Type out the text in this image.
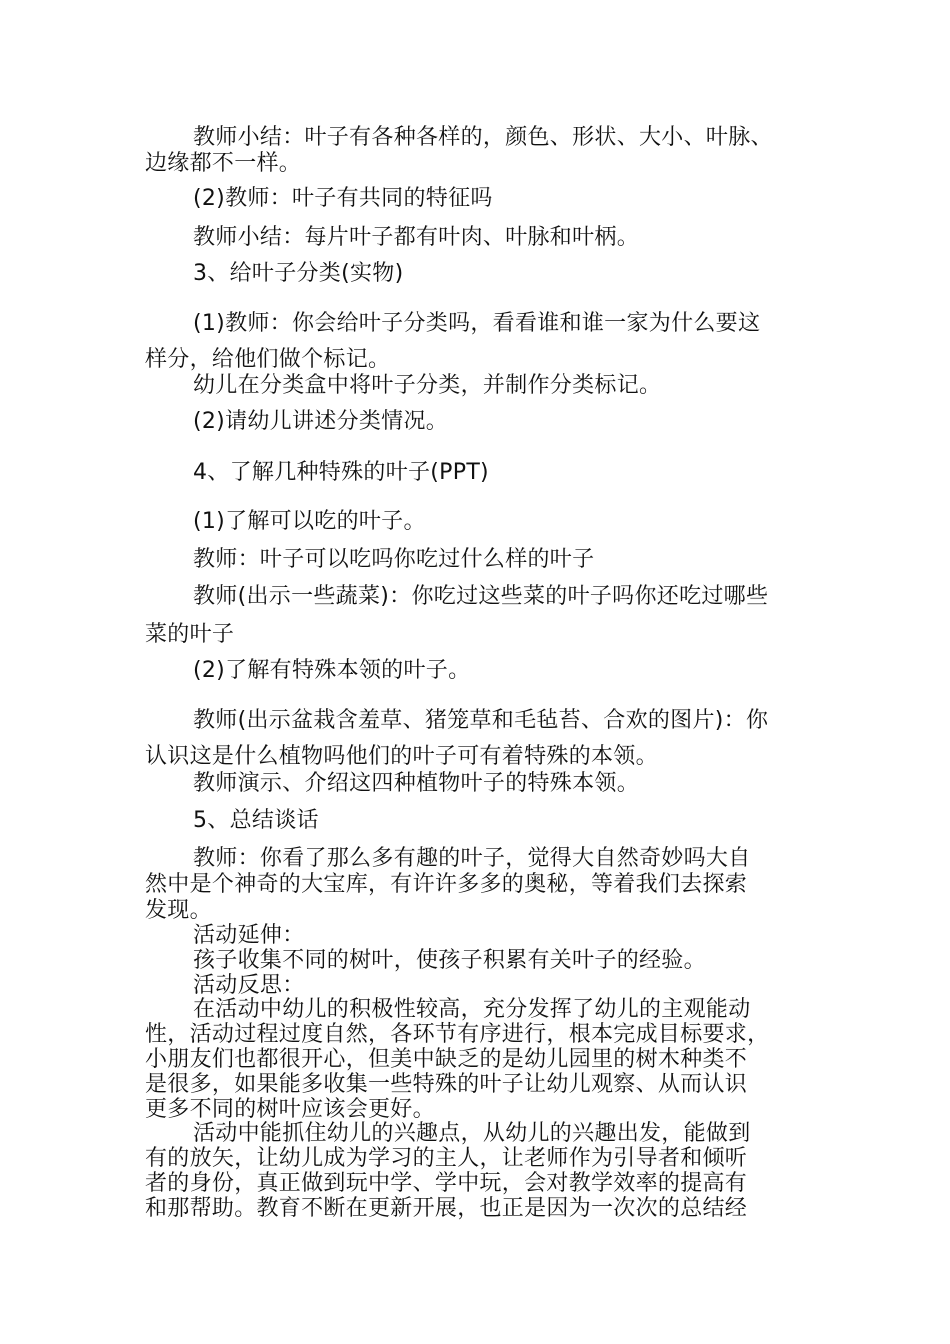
教师小结：叶子有各种各样的，颜色、形状、大小、叶脉、
边缘都不一样。
(2)教师：叶子有共同的特征吗
教师小结：每片叶子都有叶肉、叶脉和叶柄。
3、给叶子分类(实物)
(1)教师：你会给叶子分类吗，看看谁和谁一家为什么要这
样分，给他们做个标记。
幼儿在分类盒中将叶子分类，并制作分类标记。
(2)请幼儿讲述分类情况。
4、了解几种特殊的叶子(PPT)
(1)了解可以吃的叶子。
教师：叶子可以吃吗你吃过什么样的叶子
教师(出示一些蔬菜)：你吃过这些菜的叶子吗你还吃过哪些
菜的叶子
(2)了解有特殊本领的叶子。
教师(出示盆栽含羞草、猪笼草和毛毡苔、合欢的图片)：你
认识这是什么植物吗他们的叶子可有着特殊的本领。
教师演示、介绍这四种植物叶子的特殊本领。
5、总结谈话
教师：你看了那么多有趣的叶子，觉得大自然奇妙吗大自
然中是个神奇的大宝库，有许许多多的奥秘，等着我们去探索
发现。
活动延伸：
孩子收集不同的树叶，使孩子积累有关叶子的经验。
活动反思：
在活动中幼儿的积极性较高，充分发挥了幼儿的主观能动
性，活动过程过度自然，各环节有序进行，根本完成目标要求，
小朋友们也都很开心，但美中缺乏的是幼儿园里的树木种类不
是很多，如果能多收集一些特殊的叶子让幼儿观察、从而认识
更多不同的树叶应该会更好。
活动中能抓住幼儿的兴趣点，从幼儿的兴趣出发，能做到
有的放矢，让幼儿成为学习的主人，让老师作为引导者和倾听
者的身份，真正做到玩中学、学中玩，会对教学效率的提高有
和那帮助。教育不断在更新开展，也正是因为一次次的总结经
